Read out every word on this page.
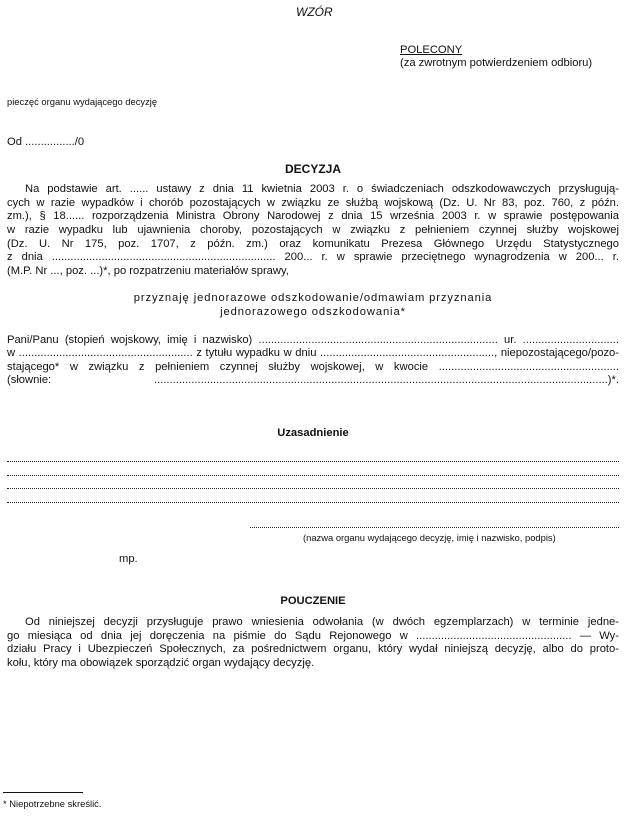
WZÓR
POLECONY
(za zwrotnym potwierdzeniem odbioru)
pieczęć organu wydającego decyzję
Od ................/0
DECYZJA
Na podstawie art. ...... ustawy z dnia 11 kwietnia 2003 r. o świadczeniach odszkodowawczych przysługują-
cych w razie wypadków i chorób pozostających w związku ze służbą wojskową (Dz. U. Nr 83, poz. 760, z późn.
zm.), § 18...... rozporządzenia Ministra Obrony Narodowej z dnia 15 września 2003 r. w sprawie postępowania
w razie wypadku lub ujawnienia choroby, pozostających w związku z pełnieniem czynnej służby wojskowej
(Dz. U. Nr 175, poz. 1707, z późn. zm.) oraz komunikatu Prezesa Głównego Urzędu Statystycznego
z dnia ........................................................................ 200... r. w sprawie przeciętnego wynagrodzenia w 200... r.
(M.P. Nr ..., poz. ...)*, po rozpatrzeniu materiałów sprawy,
przyznaję jednorazowe odszkodowanie/odmawiam przyznania
jednorazowego odszkodowania*
Pani/Panu (stopień wojskowy, imię i nazwisko) ............................................................................. ur. ...............................
w ........................................................ z tytułu wypadku w dniu ........................................................, niepozostającego/pozo-
stającego* w związku z pełnieniem czynnej służby wojskowej, w kwocie ..........................................................
(słownie: ..................................................................................................................................................)*.
Uzasadnienie
(nazwa organu wydającego decyzję, imię i nazwisko, podpis)
mp.
POUCZENIE
Od niniejszej decyzji przysługuje prawo wniesienia odwołania (w dwóch egzemplarzach) w terminie jedne-
go miesiąca od dnia jej doręczenia na piśmie do Sądu Rejonowego w .................................................. — Wy-
działu Pracy i Ubezpieczeń Społecznych, za pośrednictwem organu, który wydał niniejszą decyzję, albo do proto-
kołu, który ma obowiązek sporządzić organ wydający decyzję.
* Niepotrzebne skreślić.
